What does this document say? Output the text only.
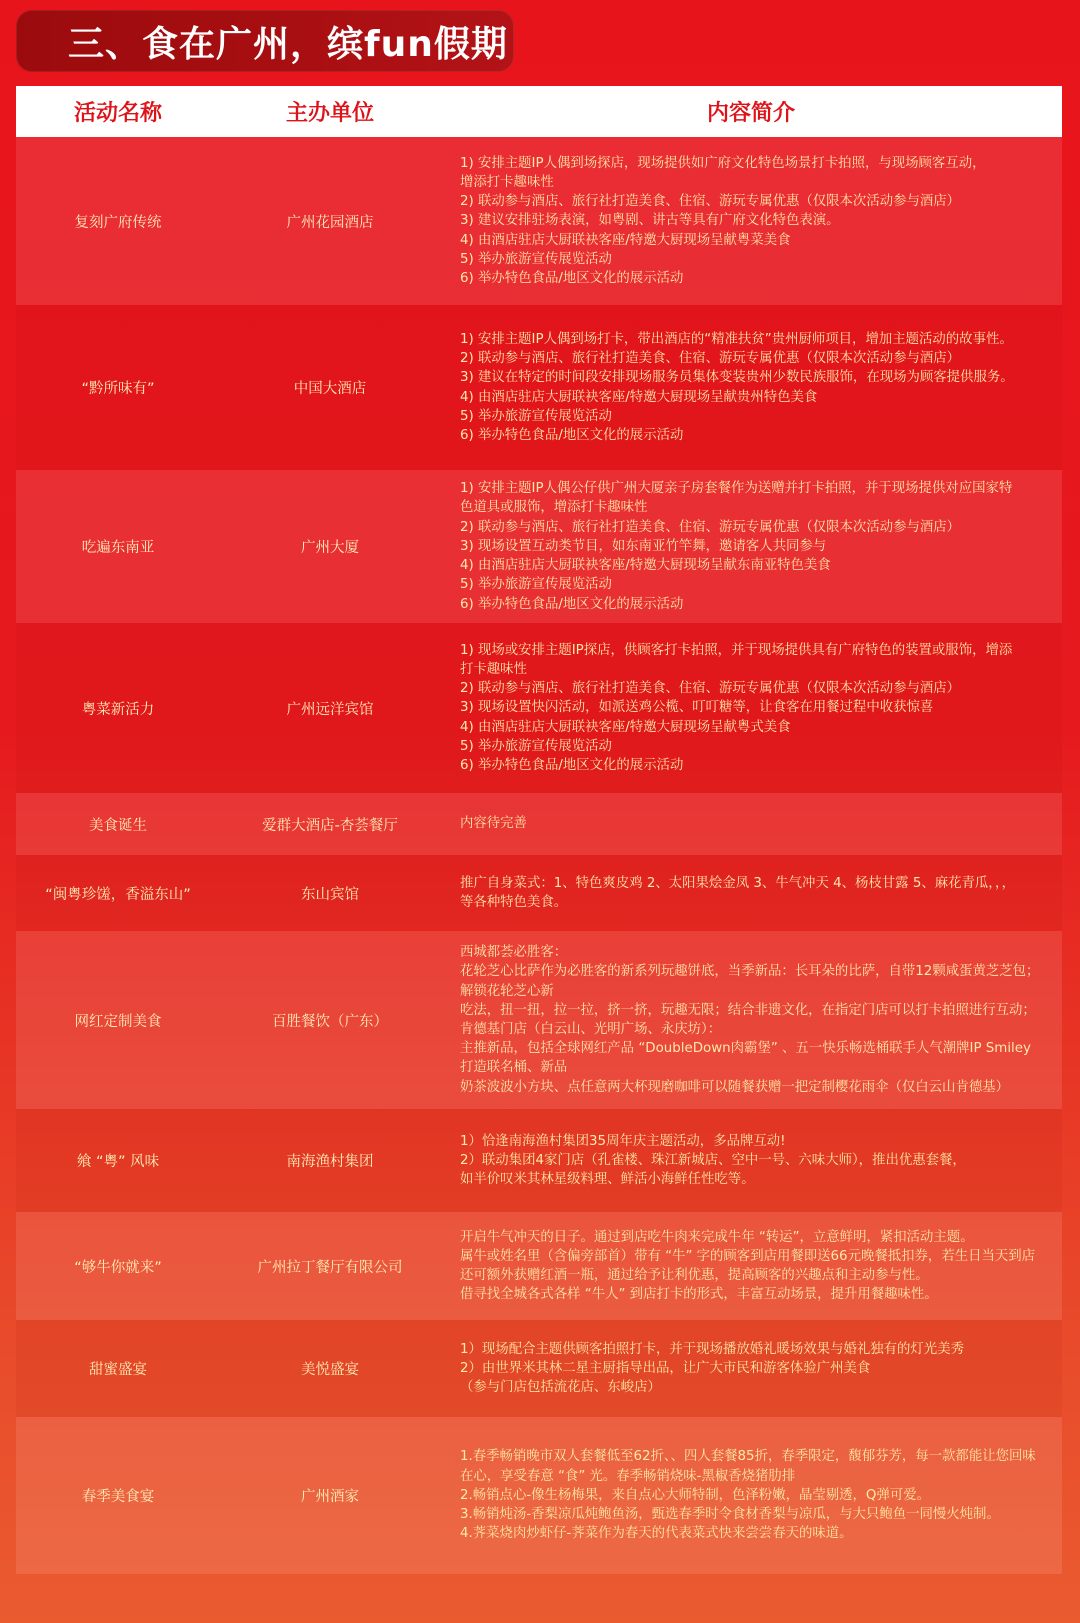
三、食在广州，缤fun假期
活动名称	主办单位	内容简介
复刻广府传统	广州花园酒店
1) 安排主题IP人偶到场探店，现场提供如广府文化特色场景打卡拍照，与现场顾客互动，
增添打卡趣味性
2) 联动参与酒店、旅行社打造美食、住宿、游玩专属优惠（仅限本次活动参与酒店）
3) 建议安排驻场表演，如粤剧、讲古等具有广府文化特色表演。
4) 由酒店驻店大厨联袂客座/特邀大厨现场呈献粤菜美食
5) 举办旅游宣传展览活动
6) 举办特色食品/地区文化的展示活动
“黔所味有”	中国大酒店
1) 安排主题IP人偶到场打卡，带出酒店的“精准扶贫”贵州厨师项目，增加主题活动的故事性。
2) 联动参与酒店、旅行社打造美食、住宿、游玩专属优惠（仅限本次活动参与酒店）
3) 建议在特定的时间段安排现场服务员集体变装贵州少数民族服饰，在现场为顾客提供服务。
4) 由酒店驻店大厨联袂客座/特邀大厨现场呈献贵州特色美食
5) 举办旅游宣传展览活动
6) 举办特色食品/地区文化的展示活动
吃遍东南亚	广州大厦
1) 安排主题IP人偶公仔供广州大厦亲子房套餐作为送赠并打卡拍照，并于现场提供对应国家特
色道具或服饰，增添打卡趣味性
2) 联动参与酒店、旅行社打造美食、住宿、游玩专属优惠（仅限本次活动参与酒店）
3) 现场设置互动类节目，如东南亚竹竿舞，邀请客人共同参与
4) 由酒店驻店大厨联袂客座/特邀大厨现场呈献东南亚特色美食
5) 举办旅游宣传展览活动
6) 举办特色食品/地区文化的展示活动
粤菜新活力	广州远洋宾馆
1) 现场或安排主题IP探店，供顾客打卡拍照，并于现场提供具有广府特色的装置或服饰，增添
打卡趣味性
2) 联动参与酒店、旅行社打造美食、住宿、游玩专属优惠（仅限本次活动参与酒店）
3) 现场设置快闪活动，如派送鸡公榄、叮叮糖等，让食客在用餐过程中收获惊喜
4) 由酒店驻店大厨联袂客座/特邀大厨现场呈献粤式美食
5) 举办旅游宣传展览活动
6) 举办特色食品/地区文化的展示活动
美食诞生	爱群大酒店-杏荟餐厅	内容待完善
“闽粤珍馐，香溢东山”	东山宾馆
推广自身菜式：1、特色爽皮鸡 2、太阳果烩金凤 3、牛气冲天 4、杨枝甘露 5、麻花青瓜，，，
等各种特色美食。
网红定制美食	百胜餐饮（广东）
西城都荟必胜客：
花轮芝心比萨作为必胜客的新系列玩趣饼底，当季新品：长耳朵的比萨，自带12颗咸蛋黄芝芝包；
解锁花轮芝心新
吃法，扭一扭，拉一拉，挤一挤，玩趣无限；结合非遗文化，在指定门店可以打卡拍照进行互动；
肯德基门店（白云山、光明广场、永庆坊）：
主推新品，包括全球网红产品 “DoubleDown肉霸堡” 、五一快乐畅选桶联手人气潮牌IP Smiley
打造联名桶、新品
奶茶波波小方块、点任意两大杯现磨咖啡可以随餐获赠一把定制樱花雨伞（仅白云山肯德基）
飨 “粤” 风味	南海渔村集团
1）恰逢南海渔村集团35周年庆主题活动，多品牌互动!
2）联动集团4家门店（孔雀楼、珠江新城店、空中一号、六味大师），推出优惠套餐，
如半价叹米其林星级料理、鲜活小海鲜任性吃等。
“够牛你就来”	广州拉丁餐厅有限公司
开启牛气冲天的日子。通过到店吃牛肉来完成牛年 “转运”，立意鲜明，紧扣活动主题。
属牛或姓名里（含偏旁部首）带有 “牛” 字的顾客到店用餐即送66元晚餐抵扣券，若生日当天到店
还可额外获赠红酒一瓶，通过给予让利优惠，提高顾客的兴趣点和主动参与性。
借寻找全城各式各样 “牛人” 到店打卡的形式，丰富互动场景，提升用餐趣味性。
甜蜜盛宴	美悦盛宴
1）现场配合主题供顾客拍照打卡，并于现场播放婚礼暖场效果与婚礼独有的灯光美秀
2）由世界米其林二星主厨指导出品，让广大市民和游客体验广州美食
（参与门店包括流花店、东峻店）
春季美食宴	广州酒家
1.春季畅销晚市双人套餐低至62折、、四人套餐85折，春季限定，馥郁芬芳，每一款都能让您回味
在心，享受春意 “食” 光。春季畅销烧味-黑椒香烧猪肋排
2.畅销点心-像生杨梅果，来自点心大师特制，色泽粉嫩，晶莹剔透，Q弹可爱。
3.畅销炖汤-香梨凉瓜炖鲍鱼汤，甄选春季时令食材香梨与凉瓜，与大只鲍鱼一同慢火炖制。
4.荠菜烧肉炒虾仔-荠菜作为春天的代表菜式快来尝尝春天的味道。
